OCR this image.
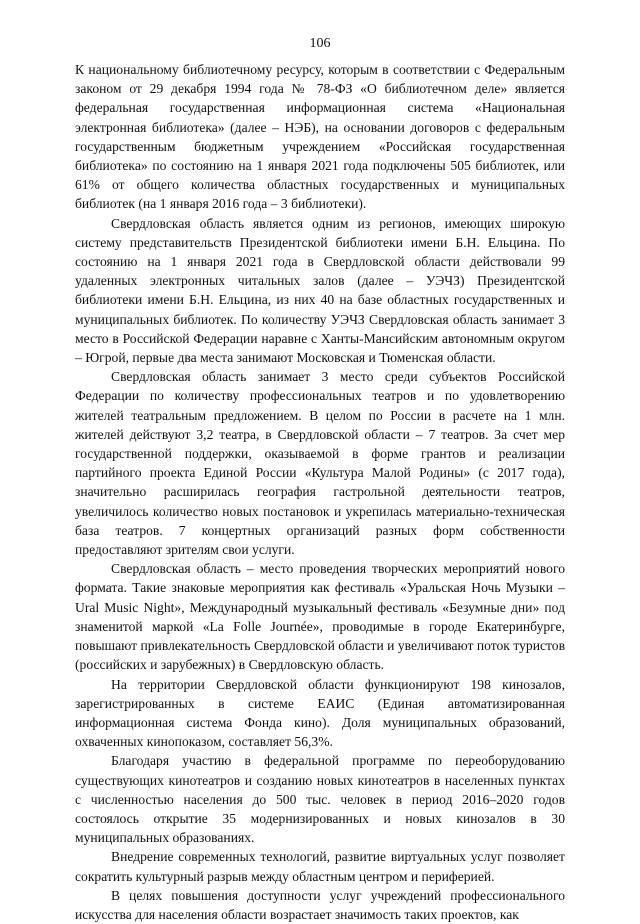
106

К национальному библиотечному ресурсу, которым в соответствии с Федеральным законом от 29 декабря 1994 года № 78-ФЗ «О библиотечном деле» является федеральная государственная информационная система «Национальная электронная библиотека» (далее – НЭБ), на основании договоров с федеральным государственным бюджетным учреждением «Российская государственная библиотека» по состоянию на 1 января 2021 года подключены 505 библиотек, или 61% от общего количества областных государственных и муниципальных библиотек (на 1 января 2016 года – 3 библиотеки).

Свердловская область является одним из регионов, имеющих широкую систему представительств Президентской библиотеки имени Б.Н. Ельцина. По состоянию на 1 января 2021 года в Свердловской области действовали 99 удаленных электронных читальных залов (далее – УЭЧЗ) Президентской библиотеки имени Б.Н. Ельцина, из них 40 на базе областных государственных и муниципальных библиотек. По количеству УЭЧЗ Свердловская область занимает 3 место в Российской Федерации наравне с Ханты-Мансийским автономным округом – Югрой, первые два места занимают Московская и Тюменская области.

Свердловская область занимает 3 место среди субъектов Российской Федерации по количеству профессиональных театров и по удовлетворению жителей театральным предложением. В целом по России в расчете на 1 млн. жителей действуют 3,2 театра, в Свердловской области – 7 театров. За счет мер государственной поддержки, оказываемой в форме грантов и реализации партийного проекта Единой России «Культура Малой Родины» (с 2017 года), значительно расширилась география гастрольной деятельности театров, увеличилось количество новых постановок и укрепилась материально-техническая база театров. 7 концертных организаций разных форм собственности предоставляют зрителям свои услуги.

Свердловская область – место проведения творческих мероприятий нового формата. Такие знаковые мероприятия как фестиваль «Уральская Ночь Музыки – Ural Music Night», Международный музыкальный фестиваль «Безумные дни» под знаменитой маркой «La Folle Journée», проводимые в городе Екатеринбурге, повышают привлекательность Свердловской области и увеличивают поток туристов (российских и зарубежных) в Свердловскую область.

На территории Свердловской области функционируют 198 кинозалов, зарегистрированных в системе ЕАИС (Единая автоматизированная информационная система Фонда кино). Доля муниципальных образований, охваченных кинопоказом, составляет 56,3%.

Благодаря участию в федеральной программе по переоборудованию существующих кинотеатров и созданию новых кинотеатров в населенных пунктах с численностью населения до 500 тыс. человек в период 2016–2020 годов состоялось открытие 35 модернизированных и новых кинозалов в 30 муниципальных образованиях.

Внедрение современных технологий, развитие виртуальных услуг позволяет сократить культурный разрыв между областным центром и периферией.

В целях повышения доступности услуг учреждений профессионального искусства для населения области возрастает значимость таких проектов, как
